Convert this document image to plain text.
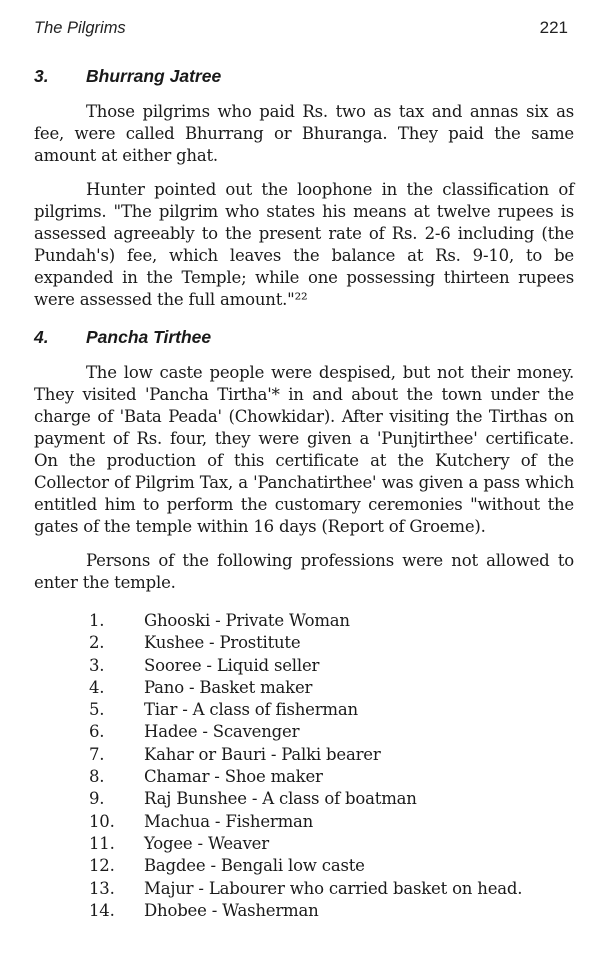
The Pilgrims	221
3.	Bhurrang Jatree

Those pilgrims who paid Rs. two as tax and annas six as fee, were called Bhurrang or Bhuranga. They paid the same amount at either ghat.

Hunter pointed out the loophone in the classification of pilgrims. "The pilgrim who states his means at twelve rupees is assessed agreeably to the present rate of Rs. 2-6 including (the Pundah's) fee, which leaves the balance at Rs. 9-10, to be expanded in the Temple; while one possessing thirteen rupees were assessed the full amount."²²

4.	Pancha Tirthee

The low caste people were despised, but not their money. They visited 'Pancha Tirtha'* in and about the town under the charge of 'Bata Peada' (Chowkidar). After visiting the Tirthas on payment of Rs. four, they were given a 'Punjtirthee' certificate. On the production of this certificate at the Kutchery of the Collector of Pilgrim Tax, a 'Panchatirthee' was given a pass which entitled him to perform the customary ceremonies "without the gates of the temple within 16 days (Report of Groeme).

Persons of the following professions were not allowed to enter the temple.

1.	Ghooski - Private Woman
2.	Kushee - Prostitute
3.	Sooree - Liquid seller
4.	Pano - Basket maker
5.	Tiar - A class of fisherman
6.	Hadee - Scavenger
7.	Kahar or Bauri - Palki bearer
8.	Chamar - Shoe maker
9.	Raj Bunshee - A class of boatman
10.	Machua - Fisherman
11.	Yogee - Weaver
12.	Bagdee - Bengali low caste
13.	Majur - Labourer who carried basket on head.
14.	Dhobee - Washerman
